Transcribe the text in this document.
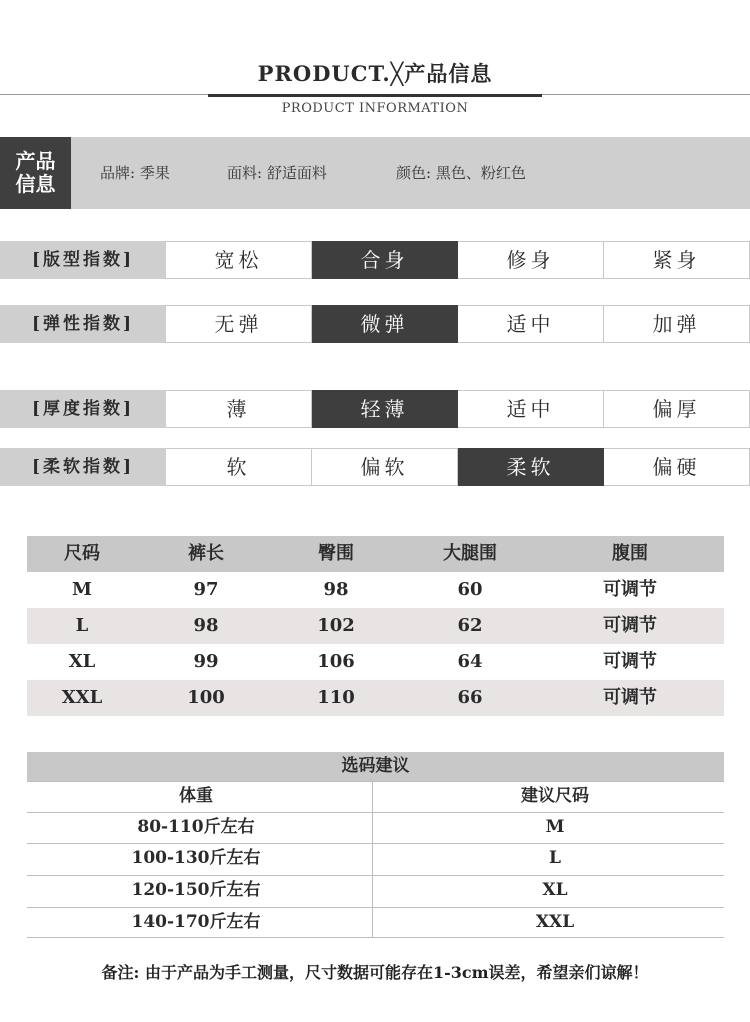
PRODUCT.╳产品信息
PRODUCT INFORMATION
产品
信息	品牌: 季果	面料: 舒适面料	颜色: 黑色、粉红色
[版型指数]	宽松	合身	修身	紧身
[弹性指数]	无弹	微弹	适中	加弹
[厚度指数]	薄	轻薄	适中	偏厚
[柔软指数]	软	偏软	柔软	偏硬
尺码	裤长	臀围	大腿围	腹围
M	97	98	60	可调节
L	98	102	62	可调节
XL	99	106	64	可调节
XXL	100	110	66	可调节
选码建议
体重	建议尺码
80-110斤左右	M
100-130斤左右	L
120-150斤左右	XL
140-170斤左右	XXL
备注: 由于产品为手工测量，尺寸数据可能存在1-3cm误差，希望亲们谅解！
